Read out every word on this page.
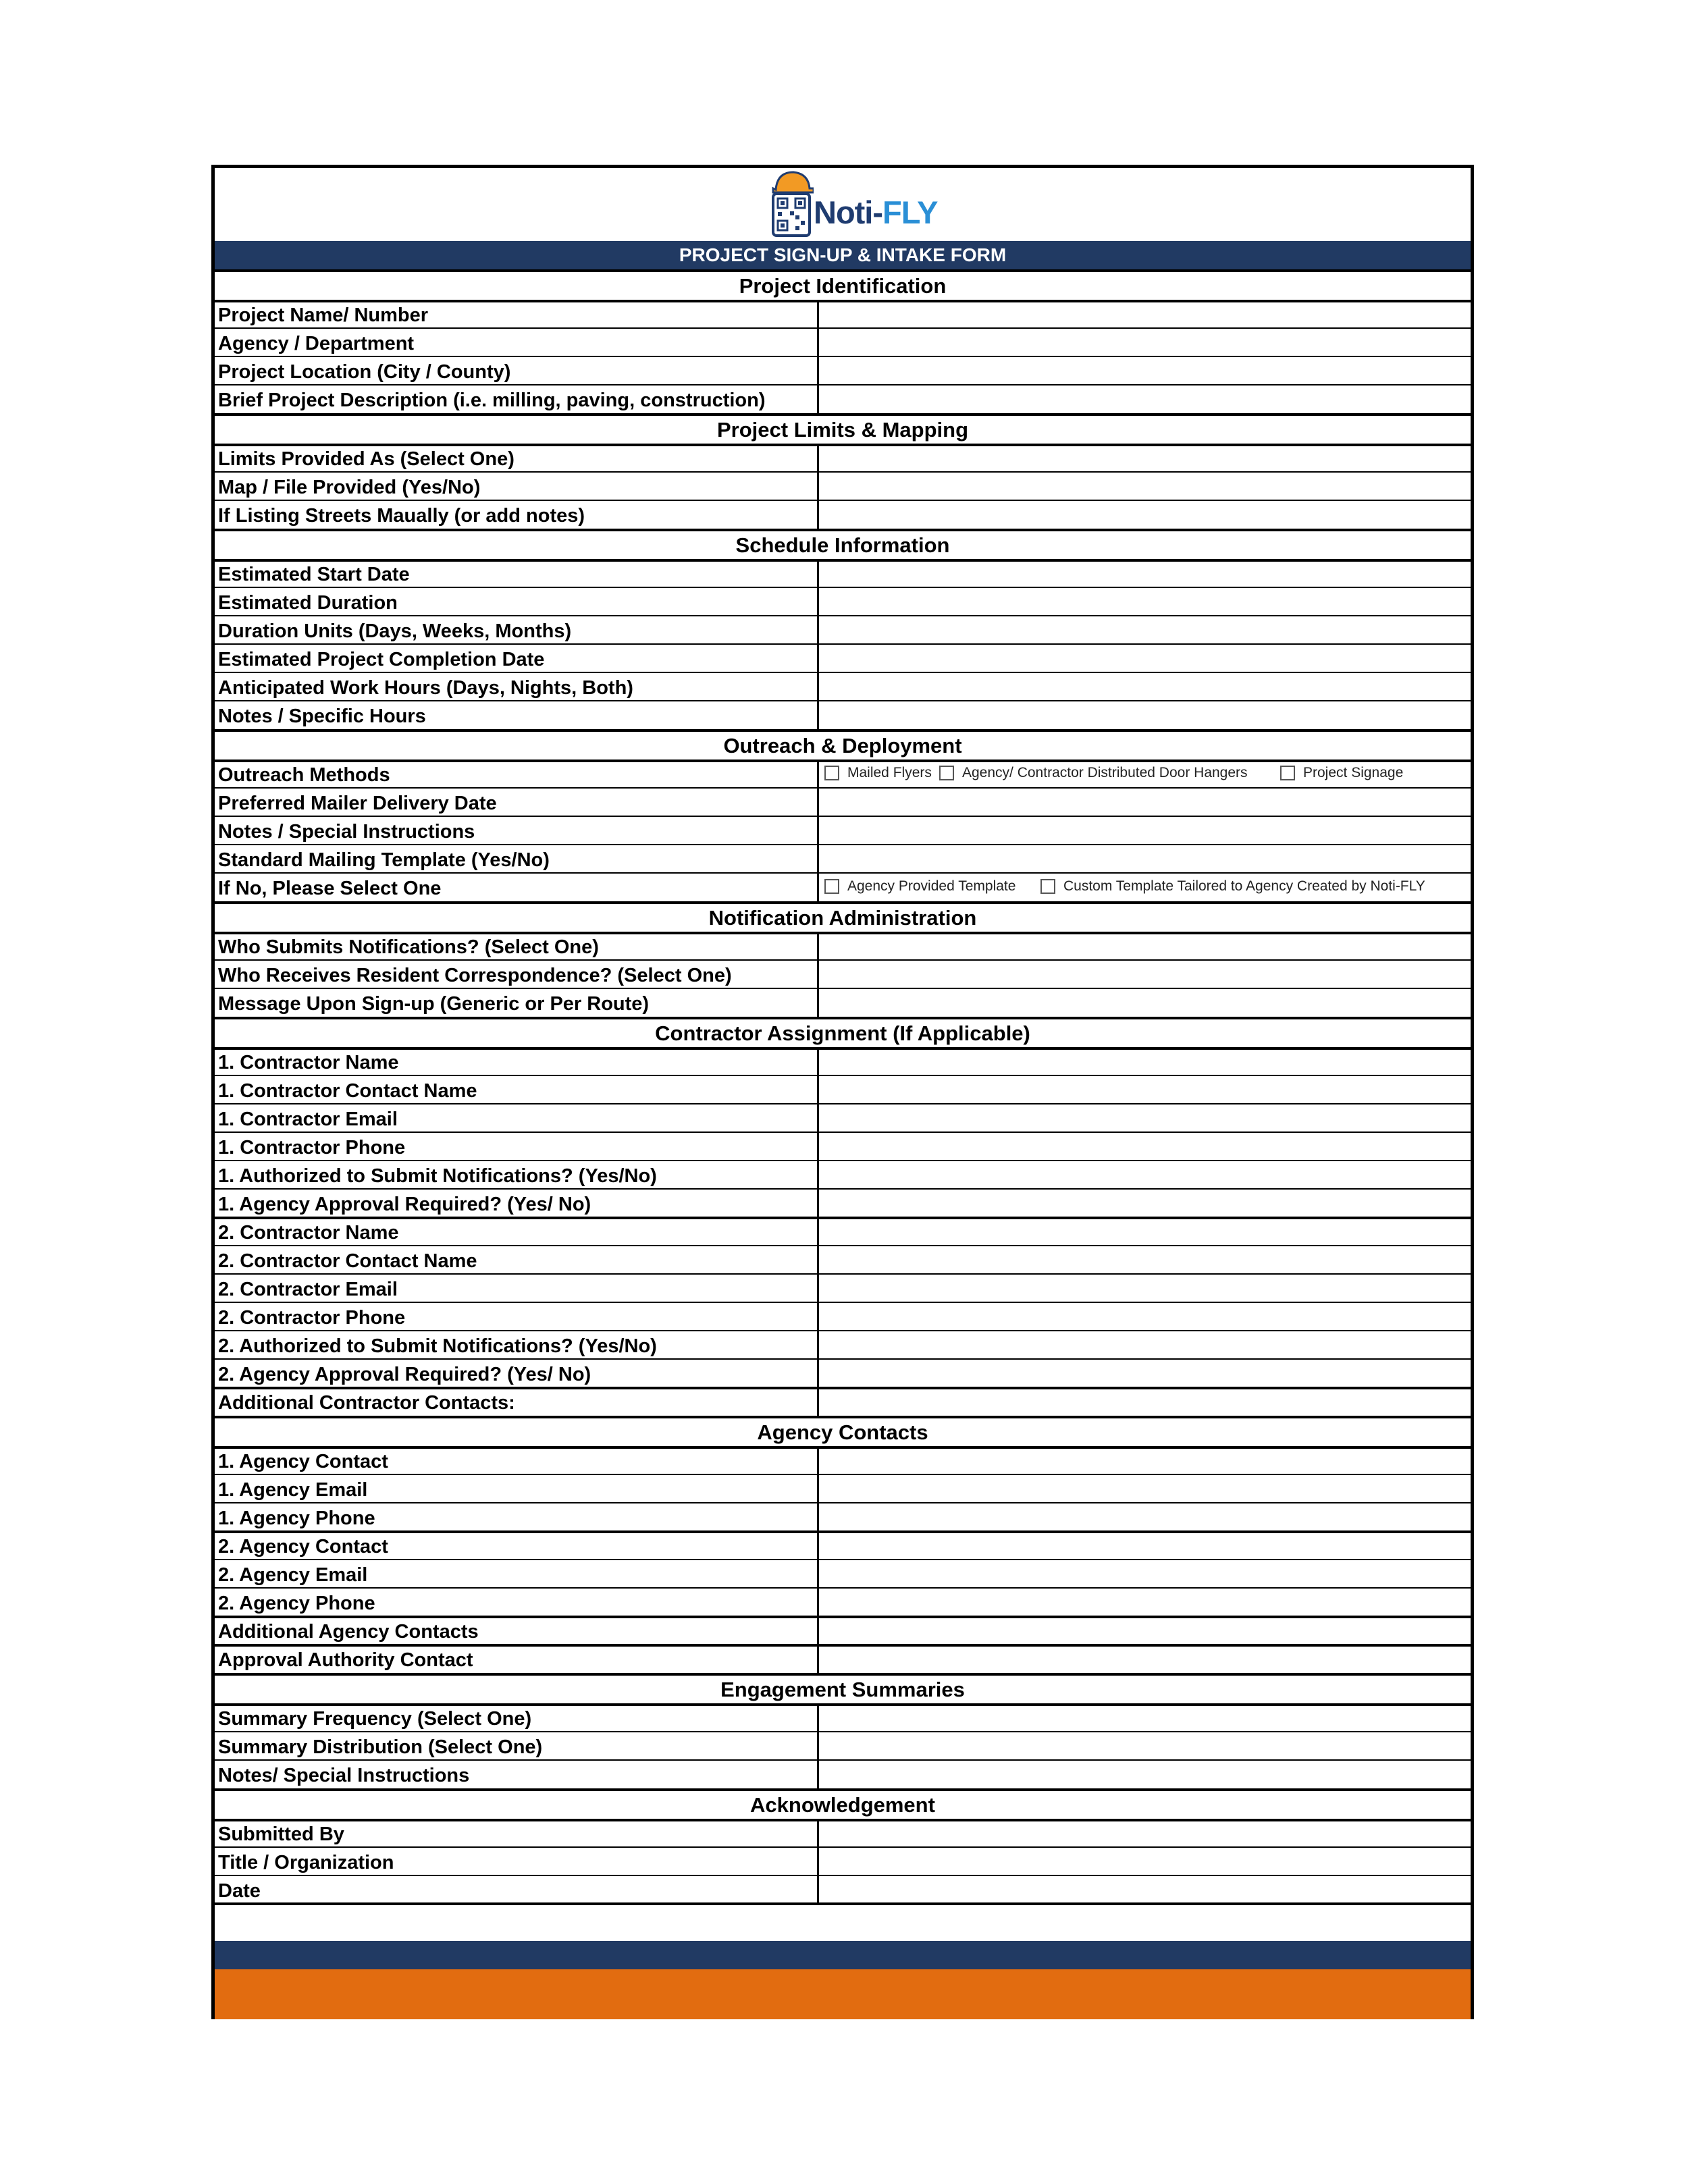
Noti-FLY
PROJECT SIGN-UP & INTAKE FORM
Project Identification
Project Name/ Number
Agency / Department
Project Location (City / County)
Brief Project Description (i.e. milling, paving, construction)
Project Limits & Mapping
Limits Provided As (Select One)
Map / File Provided (Yes/No)
If Listing Streets Maually (or add notes)
Schedule Information
Estimated Start Date
Estimated Duration
Duration Units (Days, Weeks, Months)
Estimated Project Completion Date
Anticipated Work Hours (Days, Nights, Both)
Notes / Specific Hours
Outreach & Deployment
Outreach Methods	Mailed Flyers	Agency/ Contractor Distributed Door Hangers	Project Signage
Preferred Mailer Delivery Date
Notes / Special Instructions
Standard Mailing Template (Yes/No)
If No, Please Select One	Agency Provided Template	Custom Template Tailored to Agency Created by Noti-FLY
Notification Administration
Who Submits Notifications? (Select One)
Who Receives Resident Correspondence? (Select One)
Message Upon Sign-up (Generic or Per Route)
Contractor Assignment (If Applicable)
1. Contractor Name
1. Contractor Contact Name
1. Contractor Email
1. Contractor Phone
1. Authorized to Submit Notifications? (Yes/No)
1. Agency Approval Required? (Yes/ No)
2. Contractor Name
2. Contractor Contact Name
2. Contractor Email
2. Contractor Phone
2. Authorized to Submit Notifications? (Yes/No)
2. Agency Approval Required? (Yes/ No)
Additional Contractor Contacts:
Agency Contacts
1. Agency Contact
1. Agency Email
1. Agency Phone
2. Agency Contact
2. Agency Email
2. Agency Phone
Additional Agency Contacts
Approval Authority Contact
Engagement Summaries
Summary Frequency (Select One)
Summary Distribution (Select One)
Notes/ Special Instructions
Acknowledgement
Submitted By
Title / Organization
Date
